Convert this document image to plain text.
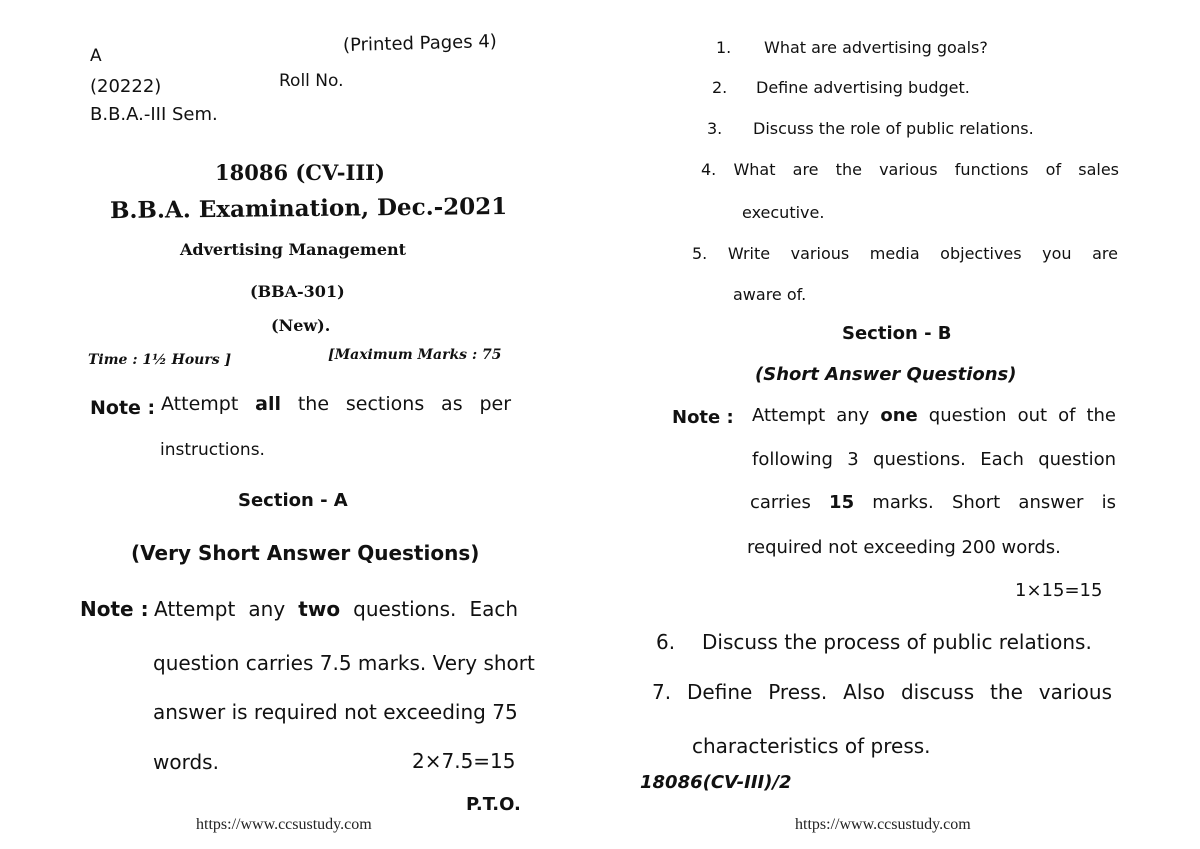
A	(Printed Pages 4)
(20222)	Roll No.
B.B.A.-III Sem.
18086 (CV-III)
B.B.A. Examination, Dec.-2021
Advertising Management
(BBA-301)
(New).
Time : 1½ Hours ]	[Maximum Marks : 75
Note : Attempt all the sections as per
instructions.
Section - A
(Very Short Answer Questions)
Note : Attempt any two questions. Each
question carries 7.5 marks. Very short
answer is required not exceeding 75
words.	2×7.5=15
P.T.O.
https://www.ccsustudy.com
1. What are advertising goals?
2. Define advertising budget.
3. Discuss the role of public relations.
4. What are the various functions of sales
executive.
5. Write various media objectives you are
aware of.
Section - B
(Short Answer Questions)
Note : Attempt any one question out of the
following 3 questions. Each question
carries 15 marks. Short answer is
required not exceeding 200 words.
1×15=15
6. Discuss the process of public relations.
7. Define Press. Also discuss the various
characteristics of press.
18086(CV-III)/2
https://www.ccsustudy.com
